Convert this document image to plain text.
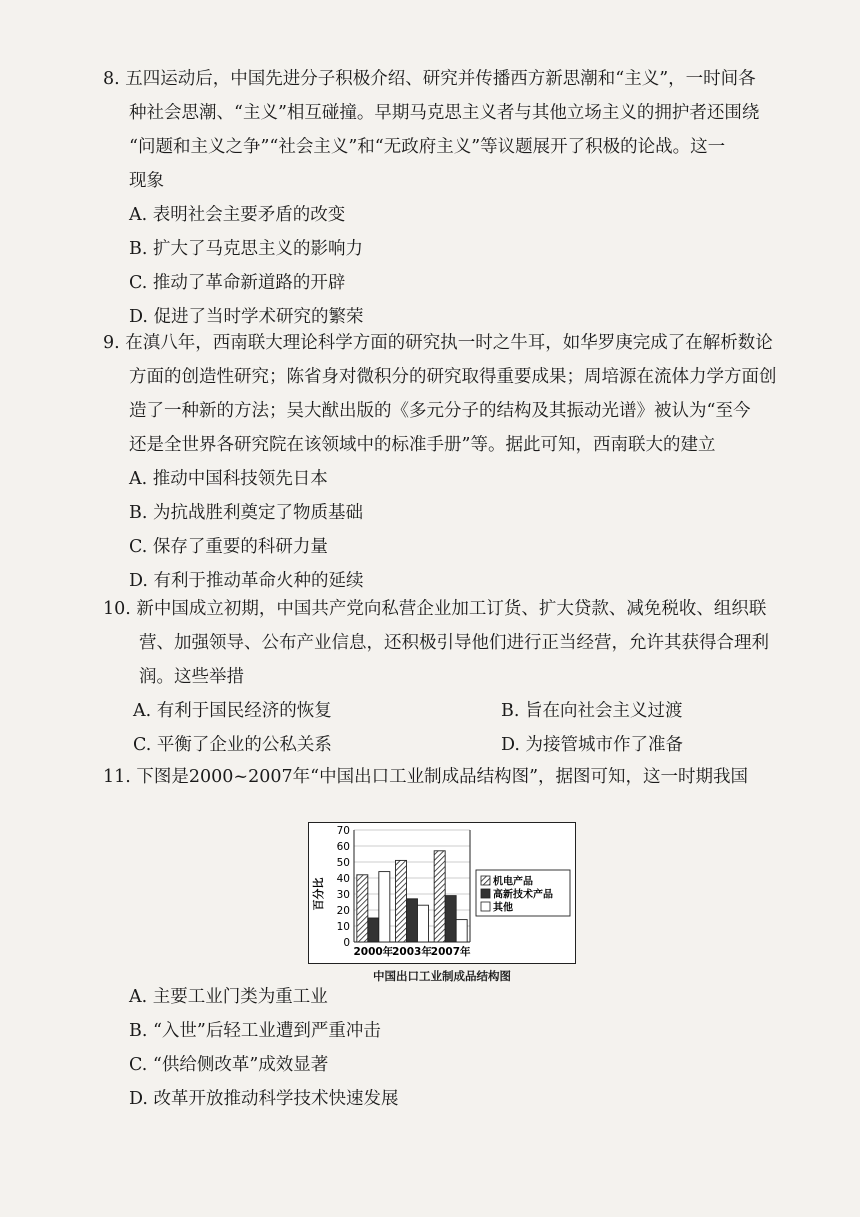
8. 五四运动后，中国先进分子积极介绍、研究并传播西方新思潮和“主义”，一时间各

种社会思潮、“主义”相互碰撞。早期马克思主义者与其他立场主义的拥护者还围绕

“问题和主义之争”“社会主义”和“无政府主义”等议题展开了积极的论战。这一

现象

A. 表明社会主要矛盾的改变

B. 扩大了马克思主义的影响力

C. 推动了革命新道路的开辟

D. 促进了当时学术研究的繁荣

9. 在滇八年，西南联大理论科学方面的研究执一时之牛耳，如华罗庚完成了在解析数论

方面的创造性研究；陈省身对微积分的研究取得重要成果；周培源在流体力学方面创

造了一种新的方法；吴大猷出版的《多元分子的结构及其振动光谱》被认为“至今

还是全世界各研究院在该领域中的标准手册”等。据此可知，西南联大的建立

A. 推动中国科技领先日本

B. 为抗战胜利奠定了物质基础

C. 保存了重要的科研力量

D. 有利于推动革命火种的延续

10. 新中国成立初期，中国共产党向私营企业加工订货、扩大贷款、减免税收、组织联

营、加强领导、公布产业信息，还积极引导他们进行正当经营，允许其获得合理利

润。这些举措

A. 有利于国民经济的恢复	B. 旨在向社会主义过渡

C. 平衡了企业的公私关系	D. 为接管城市作了准备

11. 下图是2000~2007年“中国出口工业制成品结构图”，据图可知，这一时期我国

A. 主要工业门类为重工业

B. “入世”后轻工业遭到严重冲击

C. “供给侧改革”成效显著

D. 改革开放推动科学技术快速发展

百分比
0
10
20
30
40
50
60
70
2000年
2003年
2007年
机电产品
高新技术产品
其他
中国出口工业制成品结构图
